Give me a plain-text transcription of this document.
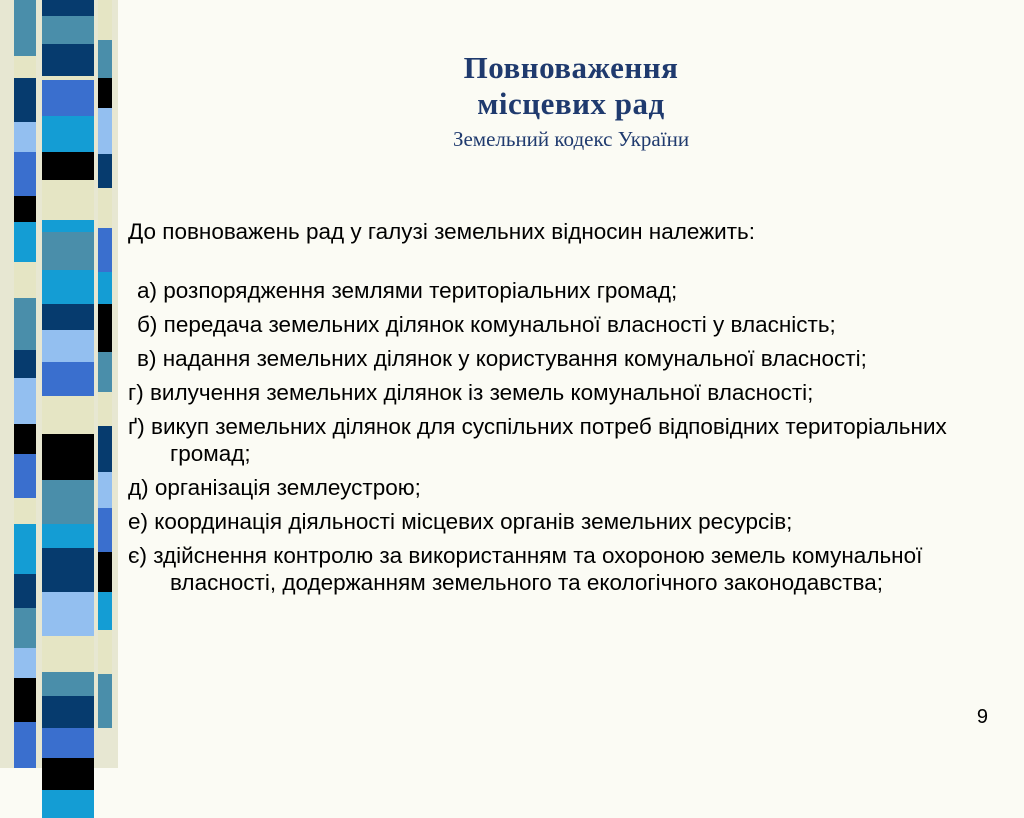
Повноваження
місцевих рад
Земельний кодекс України

До повноважень рад у галузі земельних відносин належить:

а) розпорядження землями територіальних громад;

б) передача земельних ділянок комунальної власності у власність;

в) надання земельних ділянок у користування комунальної власності;

г) вилучення земельних ділянок із земель комунальної власності;

ґ) викуп земельних ділянок для суспільних потреб відповідних територіальних громад;

д) організація землеустрою;

е) координація діяльності місцевих органів земельних ресурсів;

є) здійснення контролю за використанням та охороною земель комунальної власності, додержанням земельного та екологічного законодавства;

9
